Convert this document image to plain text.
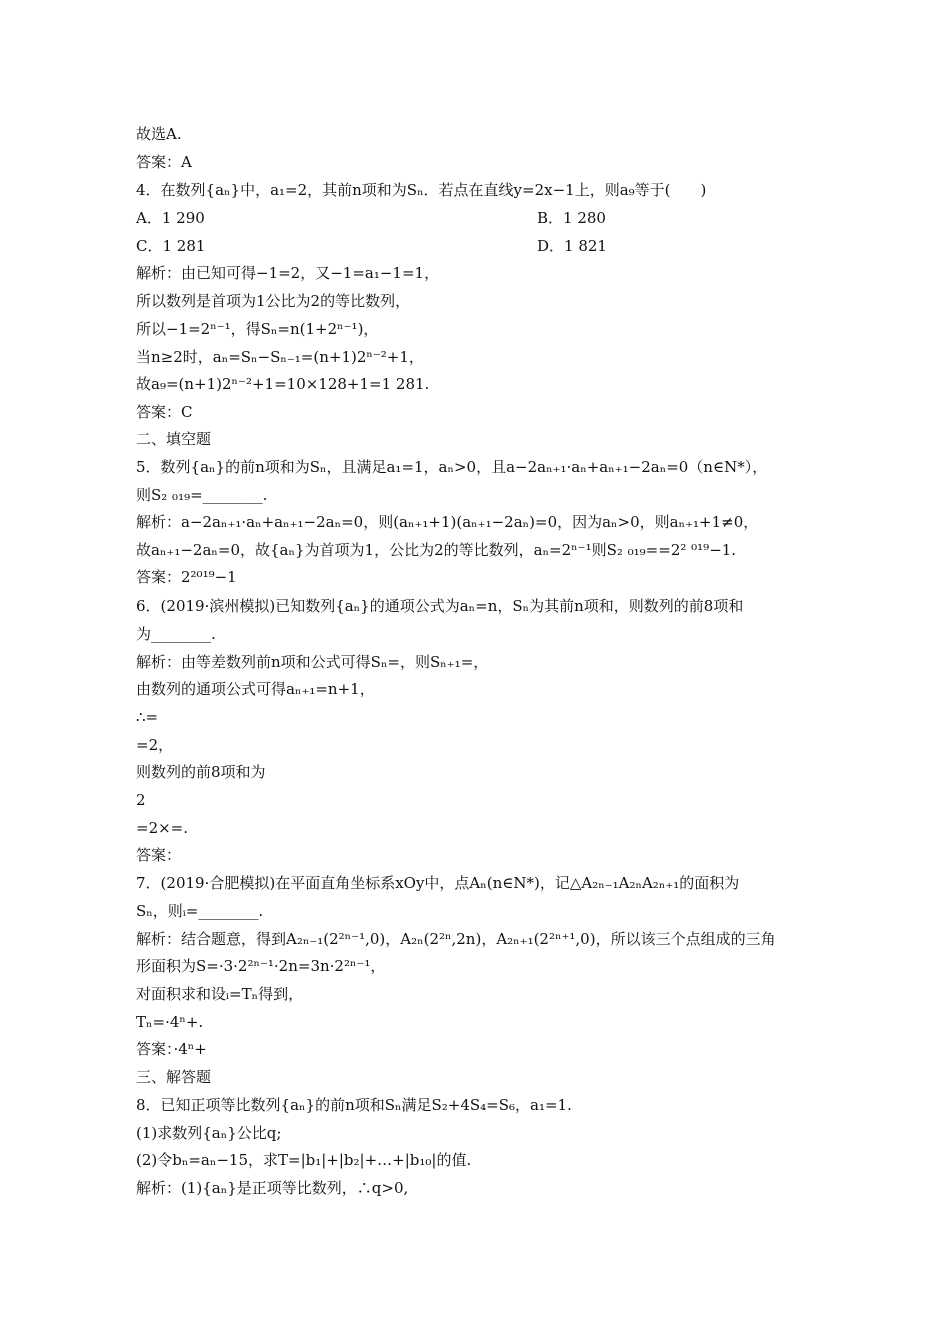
故选A.
答案：A
4．在数列{aₙ}中，a₁=2，其前n项和为Sₙ．若点在直线y=2x−1上，则a₉等于(　　)
A．1 290	B．1 280
C．1 281	D．1 821
解析：由已知可得−1=2，又−1=a₁−1=1，
所以数列是首项为1公比为2的等比数列，
所以−1=2ⁿ⁻¹，得Sₙ=n(1+2ⁿ⁻¹)，
当n≥2时，aₙ=Sₙ−Sₙ₋₁=(n+1)2ⁿ⁻²+1，
故a₉=(n+1)2ⁿ⁻²+1=10×128+1=1 281.
答案：C
二、填空题
5．数列{aₙ}的前n项和为Sₙ，且满足a₁=1，aₙ>0，且a−2aₙ₊₁·aₙ+aₙ₊₁−2aₙ=0（n∈N*），
则S₂ ₀₁₉=________.
解析：a−2aₙ₊₁·aₙ+aₙ₊₁−2aₙ=0，则(aₙ₊₁+1)(aₙ₊₁−2aₙ)=0，因为aₙ>0，则aₙ₊₁+1≠0，
故aₙ₊₁−2aₙ=0，故{aₙ}为首项为1，公比为2的等比数列，aₙ=2ⁿ⁻¹则S₂ ₀₁₉==2² ⁰¹⁹−1.
答案：2²⁰¹⁹−1
6．(2019·滨州模拟)已知数列{aₙ}的通项公式为aₙ=n，Sₙ为其前n项和，则数列的前8项和
为________.
解析：由等差数列前n项和公式可得Sₙ=，则Sₙ₊₁=，
由数列的通项公式可得aₙ₊₁=n+1，
∴=
=2，
则数列的前8项和为
2
=2×=.
答案：
7．(2019·合肥模拟)在平面直角坐标系xOy中，点Aₙ(n∈N*)，记△A₂ₙ₋₁A₂ₙA₂ₙ₊₁的面积为
Sₙ，则ᵢ=________.
解析：结合题意，得到A₂ₙ₋₁(2²ⁿ⁻¹,0)，A₂ₙ(2²ⁿ,2n)，A₂ₙ₊₁(2²ⁿ⁺¹,0)，所以该三个点组成的三角
形面积为S=·3·2²ⁿ⁻¹·2n=3n·2²ⁿ⁻¹，
对面积求和设ᵢ=Tₙ得到，
Tₙ=·4ⁿ+.
答案：·4ⁿ+
三、解答题
8．已知正项等比数列{aₙ}的前n项和Sₙ满足S₂+4S₄=S₆，a₁=1.
(1)求数列{aₙ}公比q;
(2)令bₙ=aₙ−15，求T=|b₁|+|b₂|+…+|b₁₀|的值.
解析：(1){aₙ}是正项等比数列，∴q>0,
